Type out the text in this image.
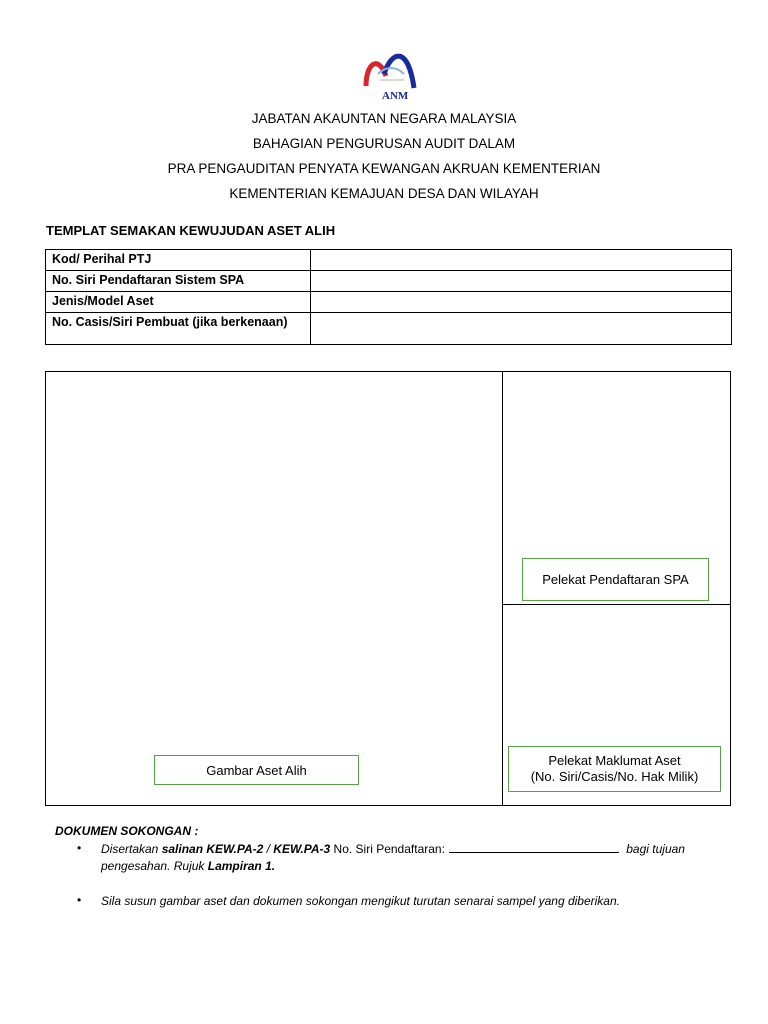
ANM
JABATAN AKAUNTAN NEGARA MALAYSIA
BAHAGIAN PENGURUSAN AUDIT DALAM
PRA PENGAUDITAN PENYATA KEWANGAN AKRUAN KEMENTERIAN
KEMENTERIAN KEMAJUAN DESA DAN WILAYAH
TEMPLAT SEMAKAN KEWUJUDAN ASET ALIH
Kod/ Perihal PTJ	
No. Siri Pendaftaran Sistem SPA	
Jenis/Model Aset	
No. Casis/Siri Pembuat (jika berkenaan)	
Gambar Aset Alih
Pelekat Pendaftaran SPA
Pelekat Maklumat Aset
(No. Siri/Casis/No. Hak Milik)
DOKUMEN SOKONGAN :
• Disertakan salinan KEW.PA-2 / KEW.PA-3 No. Siri Pendaftaran:	bagi tujuan
pengesahan. Rujuk Lampiran 1.
• Sila susun gambar aset dan dokumen sokongan mengikut turutan senarai sampel yang diberikan.
